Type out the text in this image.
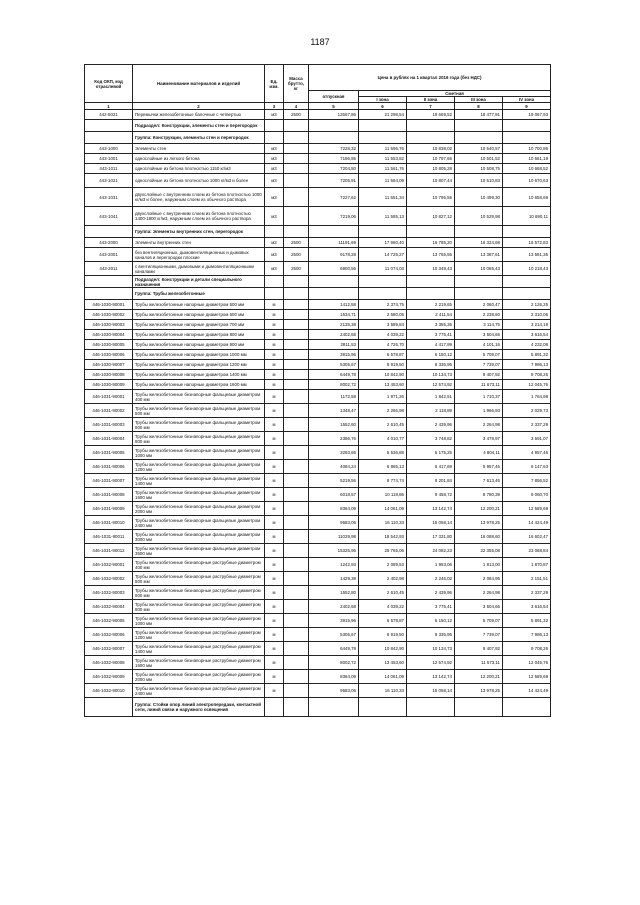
1187
Код ОКП, код отраслевой	Наименование материалов и изделий	Ед. изм.	Масса брутто, кг	Цена в рублях на 1 квартал 2016 года (без НДС)				
				отпускная	Сметная			
					I зона	II зона	III зона	IV зона
1	2	3	4	5	6	7	8	9
442-5021	Перемычки железобетонные балочные с четвертью	м3	2500	12667,86	21 298,54	19 669,52	18 477,91	19 067,93
	Подраздел: Конструкции, элементы стен и перегородок							
	Группа: Конструкции, элементы стен и перегородок							
443-1000	Элементы стен	м3		7228,32	11 596,76	10 838,02	10 540,57	10 700,86
443-1001	однослойные из легкого бетона	м3		7196,95	11 553,82	10 797,66	10 501,52	10 661,19
443-1011	однослойные из бетона плотностью 1150 кг/м3	м3		7204,50	11 561,76	10 805,28	10 508,75	10 668,52
443-1021	однослойные из бетона плотностью 1000 кг/м3 и более	м3		7205,91	11 564,09	10 807,44	10 510,83	10 670,63
443-1031	двухслойные с внутренним слоем из бетона плотностью 1000 кг/м3 и более, наружным слоем из обычного раствора	м3		7227,62	11 551,34	10 795,55	10 499,30	10 658,69
443-1041	двухслойные с внутренним слоем из бетона плотностью 1400-1800 кг/м3, наружным слоем из обычного раствора	м3		7219,06	11 585,13	10 827,12	10 529,98	10 690,11
	Группа: Элементы внутренних стен, перегородок							
443-2000	Элементы внутренних стен	м2	2500	11191,69	17 960,40	16 785,20	16 324,68	16 572,83
443-2001	без вентиляционных, дымовентиляционных и дымовых каналов и перегородки плоские	м3	2500	9178,28	14 729,27	13 765,55	13 387,61	13 591,35
443-2011	с вентиляционными, дымовыми и дымовентиляционными каналами	м3	2500	6900,56	11 074,03	10 349,43	10 065,43	10 218,43
	Подраздел: Конструкции и детали специального назначения							
	Группа: Трубы железобетонные							
446-1030-90001	Трубы железобетонные напорные диаметром 500 мм	м		1412,58	2 374,75	2 219,65	2 060,47	2 126,25
446-1030-90002	Трубы железобетонные напорные диаметром 600 мм	м		1534,71	2 580,05	2 411,54	2 238,60	2 310,06
446-1030-90003	Трубы железобетонные напорные диаметром 700 мм	м		2135,38	3 589,84	3 355,35	3 114,75	3 214,19
446-1030-90004	Трубы железобетонные напорные диаметром 800 мм	м		2402,68	4 039,22	3 775,41	3 504,66	3 616,54
446-1030-90005	Трубы железобетонные напорные диаметром 900 мм	м		2811,53	4 726,70	4 417,99	4 101,16	4 232,08
446-1030-90006	Трубы железобетонные напорные диаметром 1000 мм	м		3915,96	6 578,87	6 150,12	5 709,07	5 891,32
446-1030-90007	Трубы железобетонные напорные диаметром 1200 мм	м		5305,67	8 919,50	8 336,95	7 739,07	7 986,13
446-1030-90008	Трубы железобетонные напорные диаметром 1400 мм	м		6449,78	10 842,90	10 134,73	9 407,92	9 708,26
446-1030-90009	Трубы железобетонные напорные диаметром 1600 мм	м		8002,72	13 453,60	12 574,92	11 673,11	12 045,76
446-1031-90001	Трубы железобетонные безнапорные фальцевые диаметром 400 мм	м		1172,58	1 971,26	1 842,51	1 710,37	1 764,98
446-1031-90002	Трубы железобетонные безнапорные фальцевые диаметром 500 мм	м		1348,47	2 266,98	2 118,89	1 966,93	2 029,73
446-1031-90003	Трубы железобетонные безнапорные фальцевые диаметром 600 мм	м		1552,60	2 610,45	2 439,96	2 264,98	2 337,29
446-1031-90004	Трубы железобетонные безнапорные фальцевые диаметром 800 мм	м		2386,76	4 010,77	3 748,82	3 479,97	3 591,07
446-1031-90005	Трубы железобетонные безнапорные фальцевые диаметром 1000 мм	м		3293,65	5 536,88	5 175,25	4 804,11	4 957,46
446-1031-90006	Трубы железобетонные безнапорные фальцевые диаметром 1200 мм	м		4084,24	6 865,13	6 417,69	5 957,45	6 147,63
446-1031-90007	Трубы железобетонные безнапорные фальцевые диаметром 1400 мм	м		5219,56	8 774,74	8 201,84	7 613,46	7 856,52
446-1031-90008	Трубы железобетонные безнапорные фальцевые диаметром 1600 мм	м		6018,57	10 119,86	9 458,72	8 780,39	9 060,70
446-1031-90009	Трубы железобетонные безнапорные фальцевые диаметром 2000 мм	м		8364,09	14 061,09	13 142,74	12 200,21	12 589,69
446-1031-90010	Трубы железобетонные безнапорные фальцевые диаметром 2400 мм	м		9583,05	16 110,33	15 058,14	13 978,25	14 424,49
446-1031-90011	Трубы железобетонные безнапорные фальцевые диаметром 3000 мм	м		11029,98	18 542,93	17 331,80	16 088,60	16 602,47
446-1031-90012	Трубы железобетонные безнапорные фальцевые диаметром 3500 мм	м		15325,95	25 765,06	24 082,23	22 355,08	23 068,84
446-1032-90001	Трубы железобетонные безнапорные раструбные диаметром 400 мм	м		1242,93	2 089,53	1 953,06	1 813,00	1 870,87
446-1032-90002	Трубы железобетонные безнапорные раструбные диаметром 500 мм	м		1429,38	2 402,98	2 246,02	2 084,95	2 151,51
446-1032-90003	Трубы железобетонные безнапорные раструбные диаметром 600 мм	м		1552,80	2 610,45	2 439,96	2 264,98	2 337,29
446-1032-90004	Трубы железобетонные безнапорные раструбные диаметром 800 мм	м		2402,68	4 039,22	3 775,41	3 504,66	3 616,54
446-1032-90005	Трубы железобетонные безнапорные раструбные диаметром 1000 мм	м		3915,96	6 578,87	6 150,12	5 709,07	5 891,32
446-1032-90006	Трубы железобетонные безнапорные раструбные диаметром 1200 мм	м		5305,67	8 919,50	8 336,95	7 739,07	7 986,13
446-1032-90007	Трубы железобетонные безнапорные раструбные диаметром 1400 мм	м		6449,78	10 842,90	10 134,73	9 407,92	9 708,26
446-1032-90008	Трубы железобетонные безнапорные раструбные диаметром 1600 мм	м		8002,72	13 453,60	12 574,92	11 673,11	12 045,76
446-1032-90009	Трубы железобетонные безнапорные раструбные диаметром 2000 мм	м		8364,09	14 061,09	13 142,74	12 200,21	12 589,69
446-1032-90010	Трубы железобетонные безнапорные раструбные диаметром 2400 мм	м		9583,05	16 110,33	15 058,14	13 978,25	14 424,49
	Группа: Стойки опор линий электропередачи, контактной сети, линий связи и наружного освещения							
